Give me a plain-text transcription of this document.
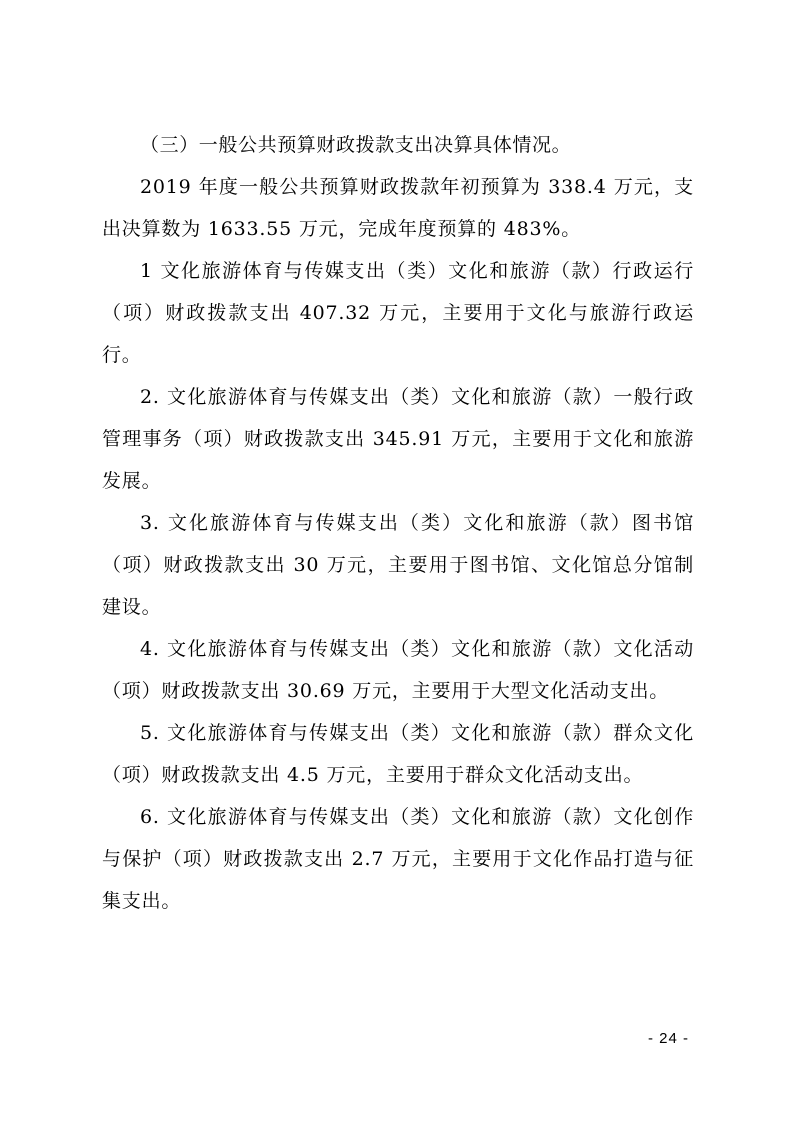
（三）一般公共预算财政拨款支出决算具体情况。

2019 年度一般公共预算财政拨款年初预算为 338.4 万元，支出决算数为 1633.55 万元，完成年度预算的 483%。

1 文化旅游体育与传媒支出（类）文化和旅游（款）行政运行（项）财政拨款支出 407.32 万元，主要用于文化与旅游行政运行。

2. 文化旅游体育与传媒支出（类）文化和旅游（款）一般行政管理事务（项）财政拨款支出 345.91 万元，主要用于文化和旅游发展。

3. 文化旅游体育与传媒支出（类）文化和旅游（款）图书馆（项）财政拨款支出 30 万元，主要用于图书馆、文化馆总分馆制建设。

4. 文化旅游体育与传媒支出（类）文化和旅游（款）文化活动（项）财政拨款支出 30.69 万元，主要用于大型文化活动支出。

5. 文化旅游体育与传媒支出（类）文化和旅游（款）群众文化（项）财政拨款支出 4.5 万元，主要用于群众文化活动支出。

6. 文化旅游体育与传媒支出（类）文化和旅游（款）文化创作与保护（项）财政拨款支出 2.7 万元，主要用于文化作品打造与征集支出。

- 24 -
